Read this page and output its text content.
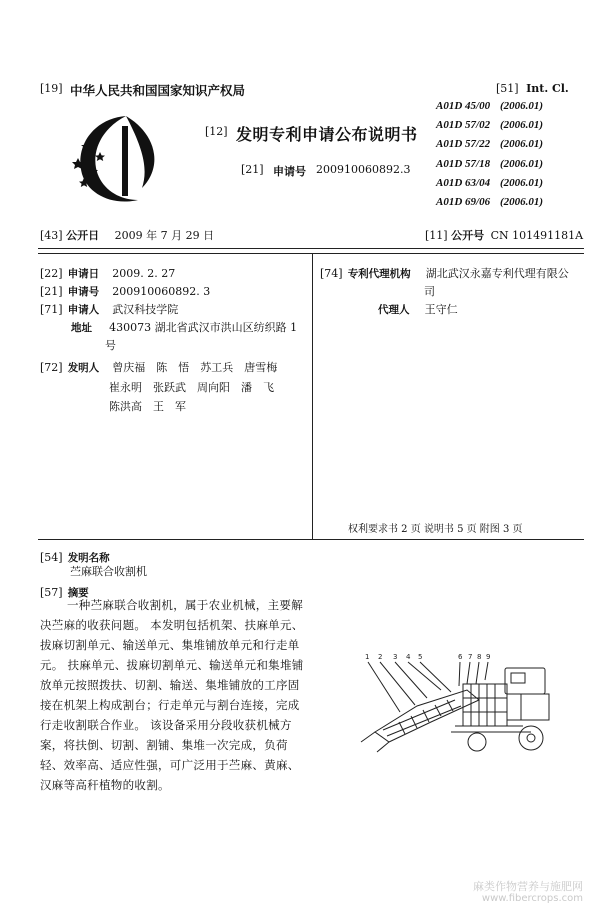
[19] 中华人民共和国国家知识产权局
[12] 发明专利申请公布说明书
[21] 申请号 200910060892.3
[51] Int. Cl.
A01D 45/00 (2006.01)
A01D 57/02 (2006.01)
A01D 57/22 (2006.01)
A01D 57/18 (2006.01)
A01D 63/04 (2006.01)
A01D 69/06 (2006.01)
[43] 公开日 2009 年 7 月 29 日	[11] 公开号 CN 101491181A
[22] 申请日 2009. 2. 27
[21] 申请号 200910060892. 3
[71] 申请人 武汉科技学院
地址 430073 湖北省武汉市洪山区纺织路 1
号
[72] 发明人 曾庆福　陈　悟　苏工兵　唐雪梅
崔永明　张跃武　周向阳　潘　飞
陈洪高　王　军
[74] 专利代理机构 湖北武汉永嘉专利代理有限公
司
代理人 王守仁
权利要求书 2 页 说明书 5 页 附图 3 页
[54] 发明名称
苎麻联合收割机
[57] 摘要
一种苎麻联合收割机，属于农业机械，主要解
决苎麻的收获问题。 本发明包括机架、扶麻单元、
拔麻切割单元、输送单元、集堆铺放单元和行走单
元。 扶麻单元、拔麻切割单元、输送单元和集堆铺
放单元按照拨扶、切割、输送、集堆铺放的工序固
接在机架上构成割台；行走单元与割台连接，完成
行走收割联合作业。 该设备采用分段收获机械方
案，将扶倒、切割、割铺、集堆一次完成，负荷
轻、效率高、适应性强，可广泛用于苎麻、黄麻、
汉麻等高秆植物的收割。
1 2 3 4 5	6 7 8 9
麻类作物营养与施肥网
www.fibercrops.com
